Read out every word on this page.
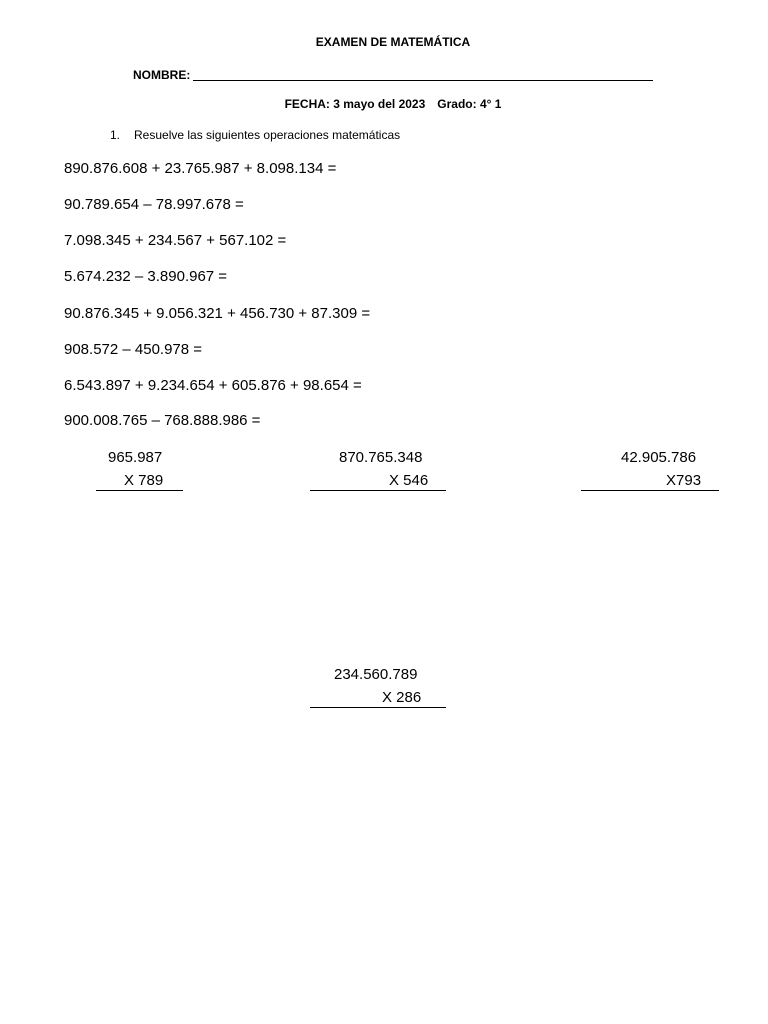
EXAMEN DE MATEMÁTICA
NOMBRE:
FECHA: 3 mayo del 2023 Grado: 4° 1
1. Resuelve las siguientes operaciones matemáticas
890.876.608 + 23.765.987 + 8.098.134 =
90.789.654 – 78.997.678 =
7.098.345 + 234.567 + 567.102 =
5.674.232 – 3.890.967 =
90.876.345 + 9.056.321 + 456.730 + 87.309 =
908.572 – 450.978 =
6.543.897 + 9.234.654 + 605.876 + 98.654 =
900.008.765 – 768.888.986 =
965.987
X 789
870.765.348
X 546
42.905.786
X793
234.560.789
X 286
